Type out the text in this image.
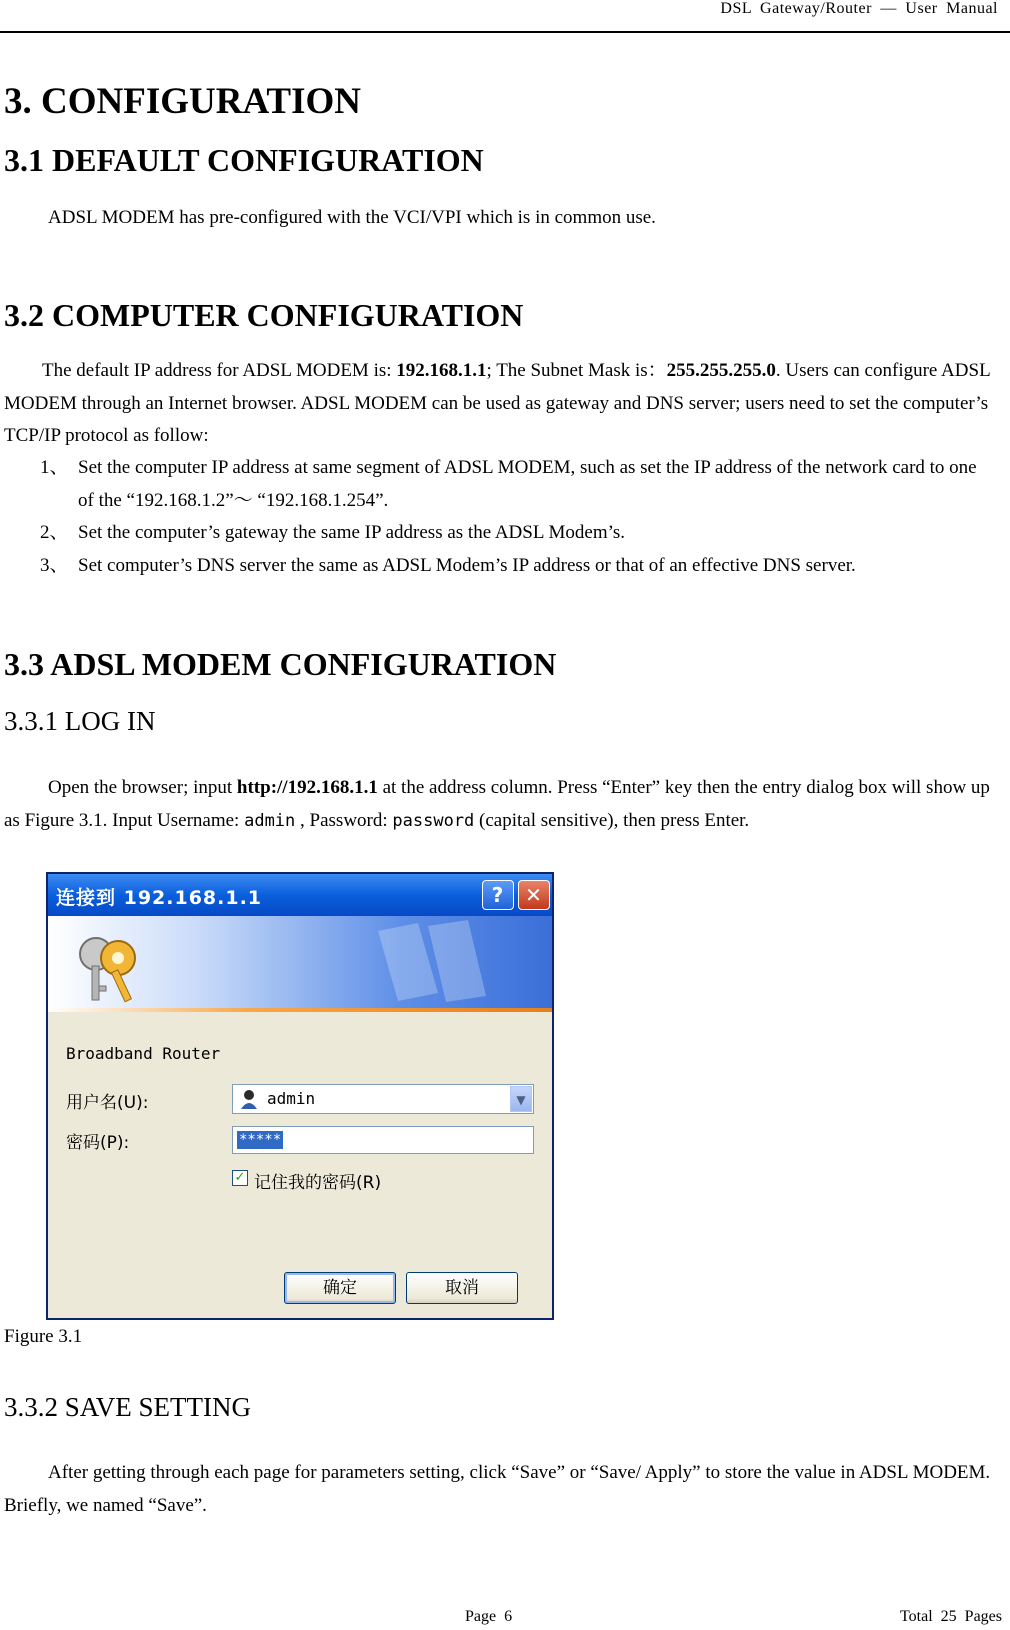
DSL Gateway/Router — User Manual
3. CONFIGURATION
3.1 DEFAULT CONFIGURATION

ADSL MODEM has pre-configured with the VCI/VPI which is in common use.

3.2 COMPUTER CONFIGURATION

The default IP address for ADSL MODEM is: 192.168.1.1; The Subnet Mask is：255.255.255.0. Users can configure ADSL MODEM through an Internet browser. ADSL MODEM can be used as gateway and DNS server; users need to set the computer’s TCP/IP protocol as follow:

1、 Set the computer IP address at same segment of ADSL MODEM, such as set the IP address of the network card to one of the “192.168.1.2”～ “192.168.1.254”.
2、 Set the computer’s gateway the same IP address as the ADSL Modem’s.
3、 Set computer’s DNS server the same as ADSL Modem’s IP address or that of an effective DNS server.
3.3 ADSL MODEM CONFIGURATION
3.3.1 LOG IN

Open the browser; input http://192.168.1.1 at the address column. Press “Enter” key then the entry dialog box will show up as Figure 3.1. Input Username: admin , Password: password (capital sensitive), then press Enter.

连接到 192.168.1.1	?	✕
Broadband Router
用户名(U):	admin	▼
密码(P):	*****
✓ 记住我的密码(R)
确定	取消
Figure 3.1
3.3.2 SAVE SETTING

After getting through each page for parameters setting, click “Save” or “Save/ Apply” to store the value in ADSL MODEM. Briefly, we named “Save”.

Page 6	Total 25 Pages
